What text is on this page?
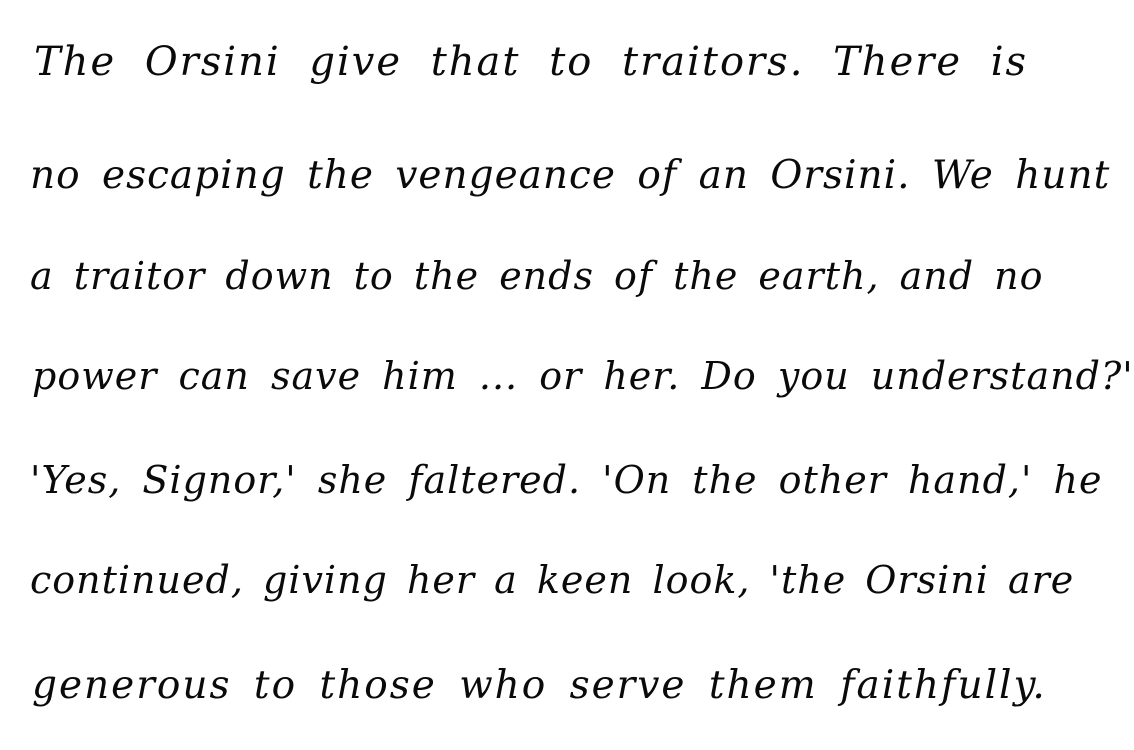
The Orsini give that to traitors. There is
no escaping the vengeance of an Orsini. We hunt
a traitor down to the ends of the earth, and no
power can save him ... or her. Do you understand?'
'Yes, Signor,' she faltered. 'On the other hand,' he
continued, giving her a keen look, 'the Orsini are
generous to those who serve them faithfully.
